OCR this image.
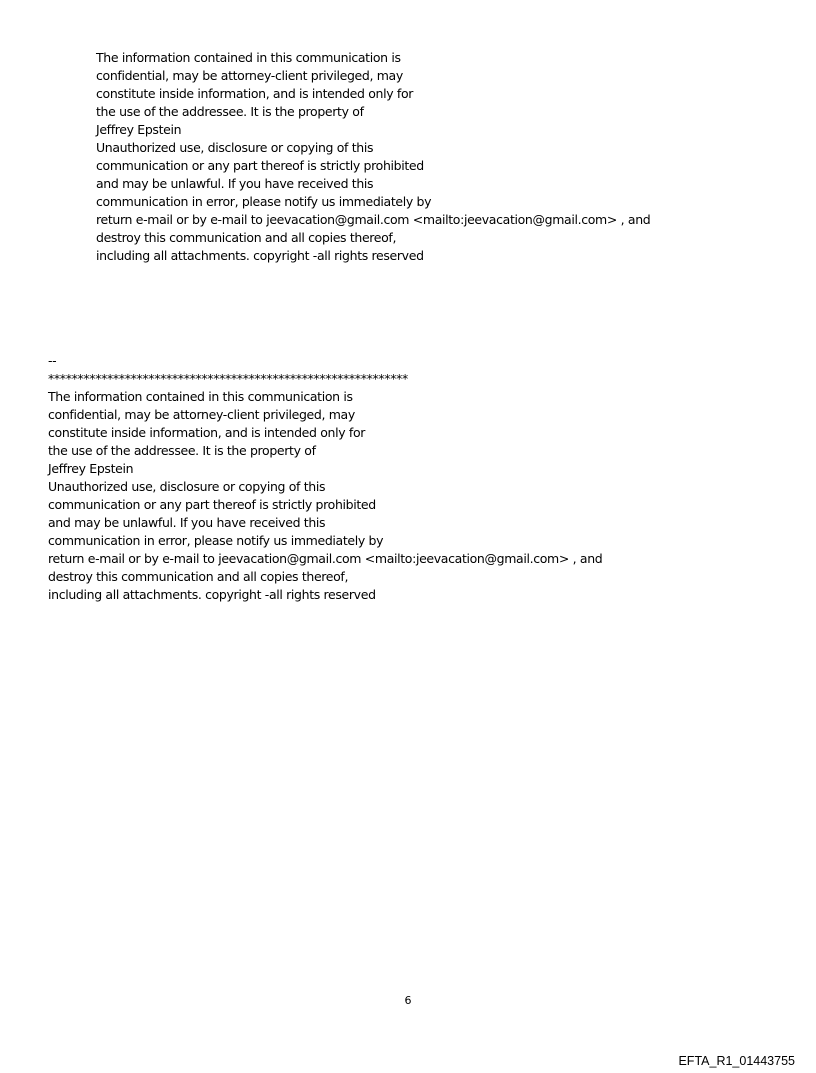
The information contained in this communication is
confidential, may be attorney-client privileged, may
constitute inside information, and is intended only for
the use of the addressee. It is the property of
Jeffrey Epstein
Unauthorized use, disclosure or copying of this
communication or any part thereof is strictly prohibited
and may be unlawful. If you have received this
communication in error, please notify us immediately by
return e-mail or by e-mail to jeevacation@gmail.com <mailto:jeevacation@gmail.com> , and
destroy this communication and all copies thereof,
including all attachments. copyright -all rights reserved
--
*************************************************************
The information contained in this communication is
confidential, may be attorney-client privileged, may
constitute inside information, and is intended only for
the use of the addressee. It is the property of
Jeffrey Epstein
Unauthorized use, disclosure or copying of this
communication or any part thereof is strictly prohibited
and may be unlawful. If you have received this
communication in error, please notify us immediately by
return e-mail or by e-mail to jeevacation@gmail.com <mailto:jeevacation@gmail.com> , and
destroy this communication and all copies thereof,
including all attachments. copyright -all rights reserved
6
EFTA_R1_01443755
